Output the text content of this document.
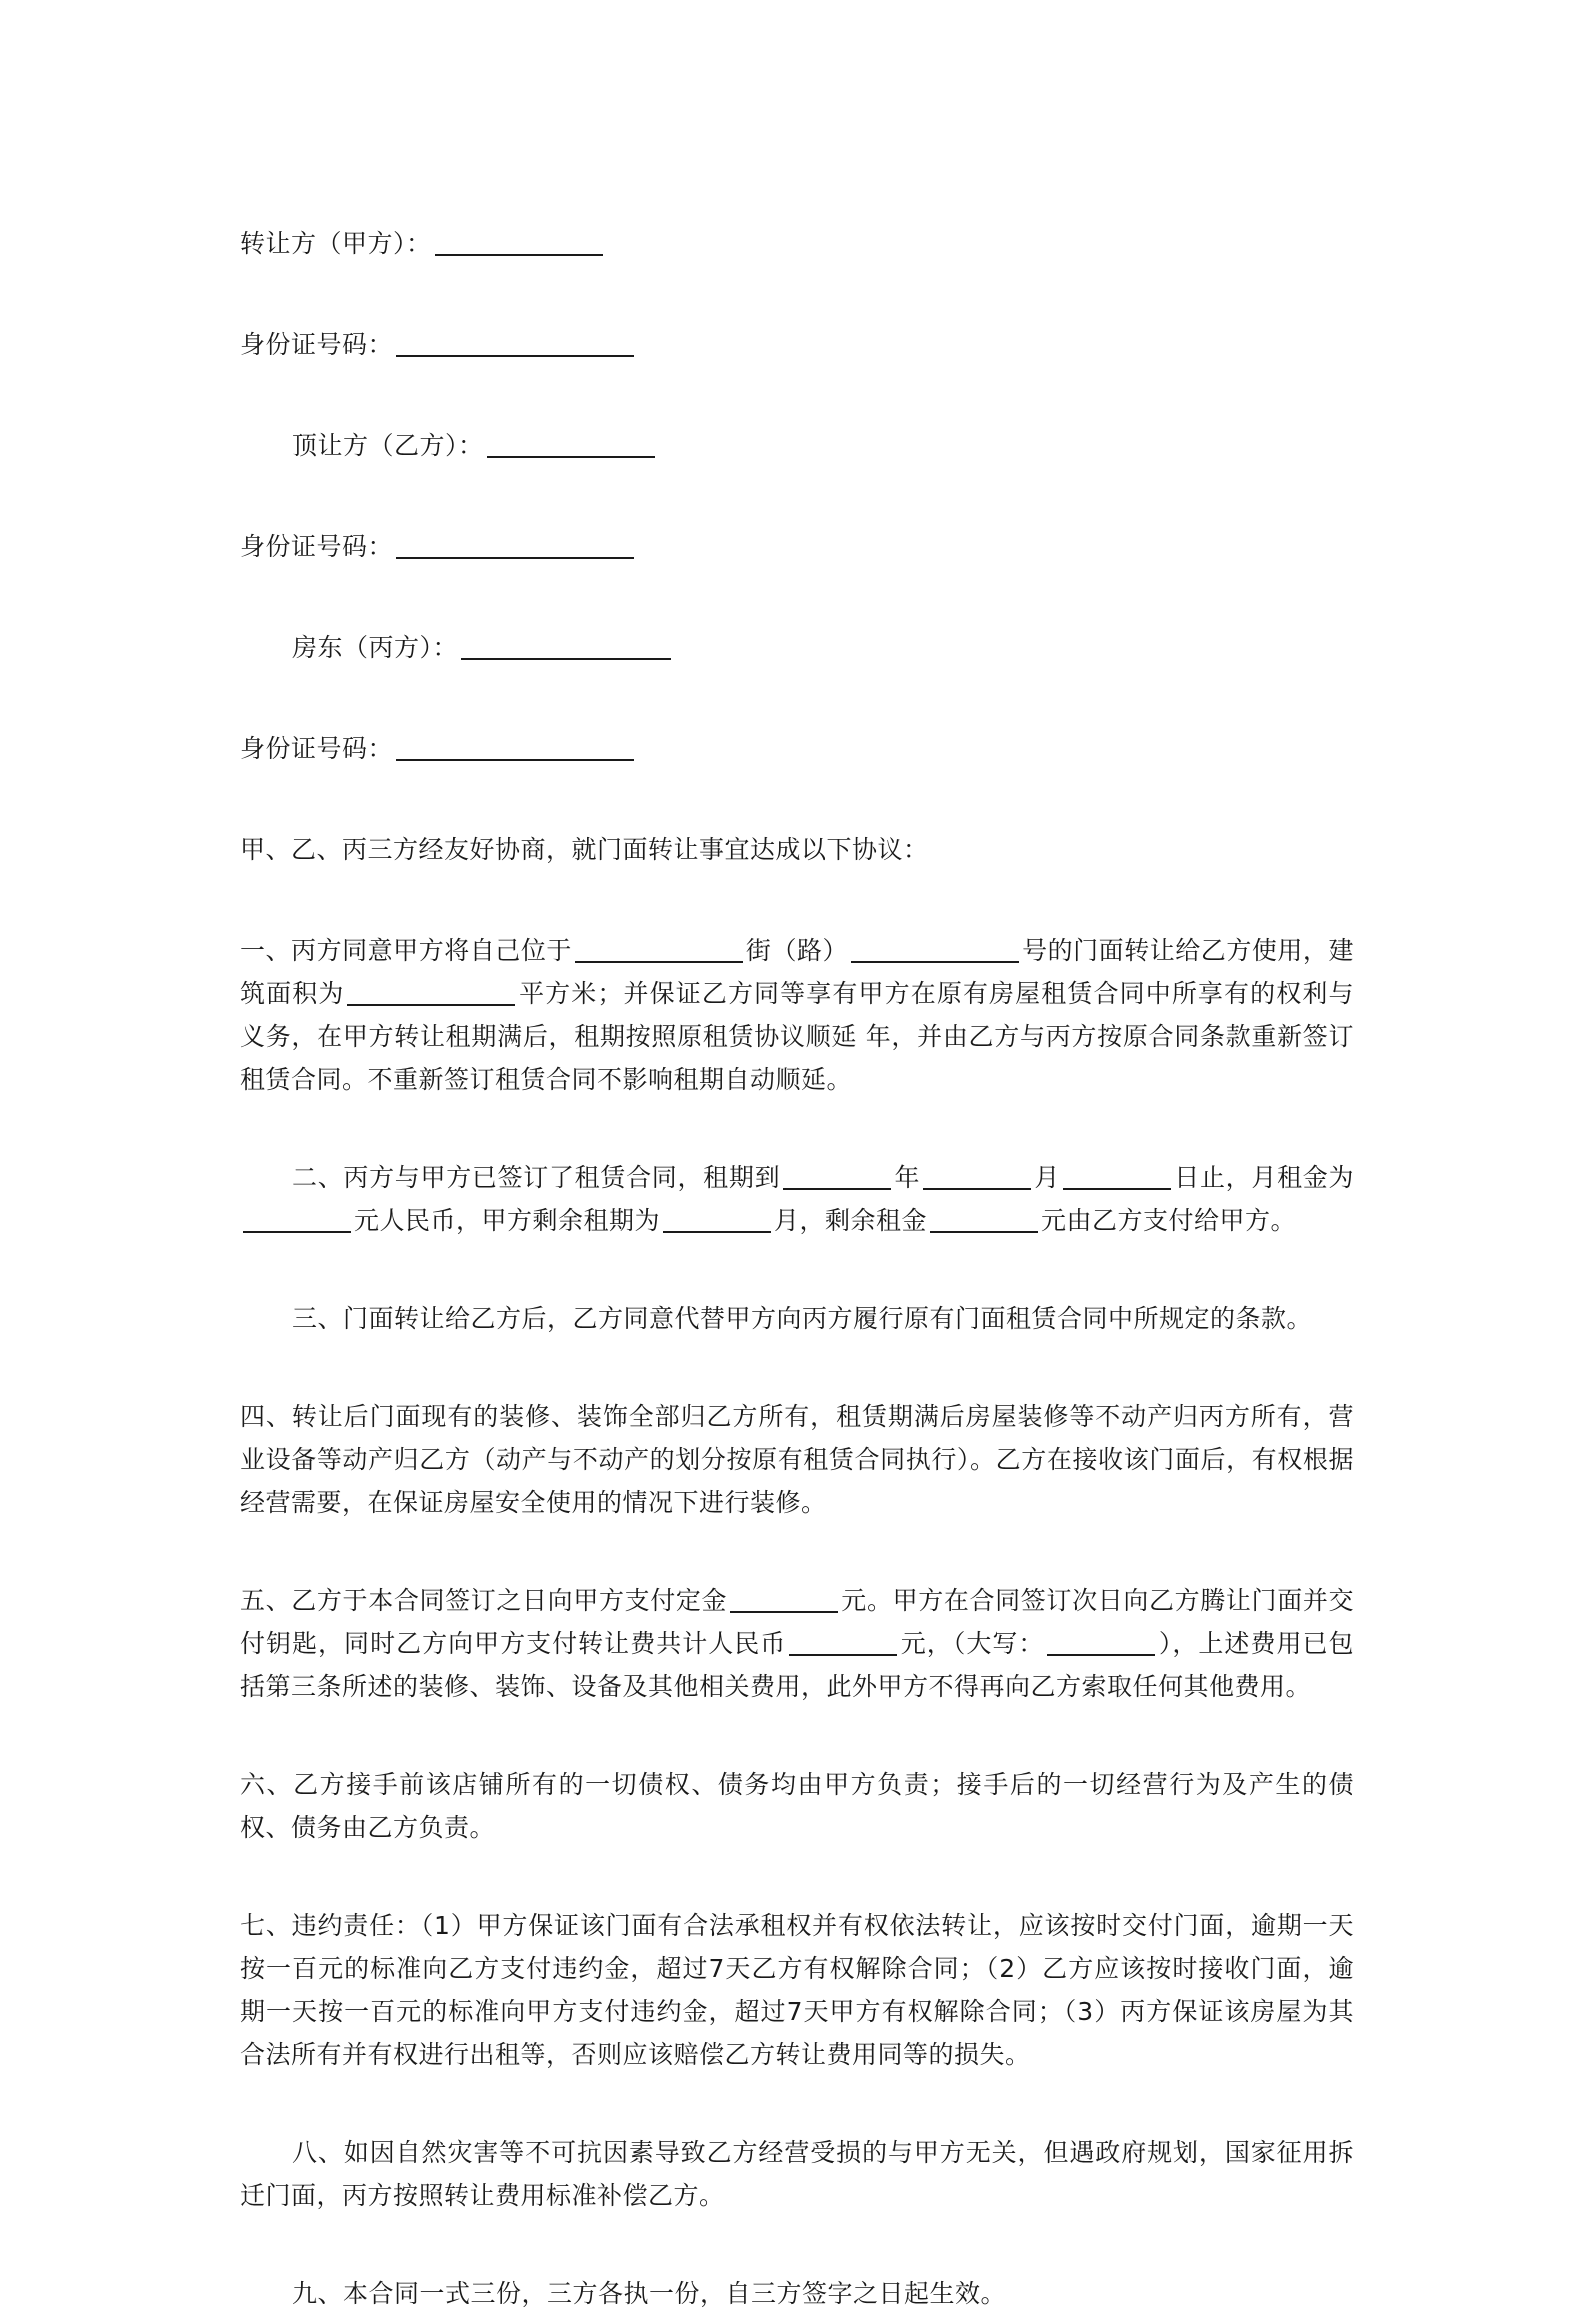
转让方（甲方）：
身份证号码：
顶让方（乙方）：
身份证号码：
房东（丙方）：
身份证号码：

甲、乙、丙三方经友好协商，就门面转让事宜达成以下协议：

一、丙方同意甲方将自己位于	街（路）	号的门面转让给乙方使用，建筑面积为	平方米；并保证乙方同等享有甲方在原有房屋租赁合同中所享有的权利与义务，在甲方转让租期满后，租期按照原租赁协议顺延 年，并由乙方与丙方按原合同条款重新签订租赁合同。不重新签订租赁合同不影响租期自动顺延。

二、丙方与甲方已签订了租赁合同，租期到	年	月	日止，月租金为元人民币，甲方剩余租期为	月，剩余租金	元由乙方支付给甲方。

三、门面转让给乙方后，乙方同意代替甲方向丙方履行原有门面租赁合同中所规定的条款。

四、转让后门面现有的装修、装饰全部归乙方所有，租赁期满后房屋装修等不动产归丙方所有，营业设备等动产归乙方（动产与不动产的划分按原有租赁合同执行）。乙方在接收该门面后，有权根据经营需要，在保证房屋安全使用的情况下进行装修。

五、乙方于本合同签订之日向甲方支付定金	元。甲方在合同签订次日向乙方腾让门面并交付钥匙，同时乙方向甲方支付转让费共计人民币	元，（大写：	），上述费用已包括第三条所述的装修、装饰、设备及其他相关费用，此外甲方不得再向乙方索取任何其他费用。

六、乙方接手前该店铺所有的一切债权、债务均由甲方负责；接手后的一切经营行为及产生的债权、债务由乙方负责。

七、违约责任：（1）甲方保证该门面有合法承租权并有权依法转让，应该按时交付门面，逾期一天按一百元的标准向乙方支付违约金，超过7天乙方有权解除合同；（2）乙方应该按时接收门面，逾期一天按一百元的标准向甲方支付违约金，超过7天甲方有权解除合同；（3）丙方保证该房屋为其合法所有并有权进行出租等，否则应该赔偿乙方转让费用同等的损失。

八、如因自然灾害等不可抗因素导致乙方经营受损的与甲方无关，但遇政府规划，国家征用拆迁门面，丙方按照转让费用标准补偿乙方。

九、本合同一式三份，三方各执一份，自三方签字之日起生效。
